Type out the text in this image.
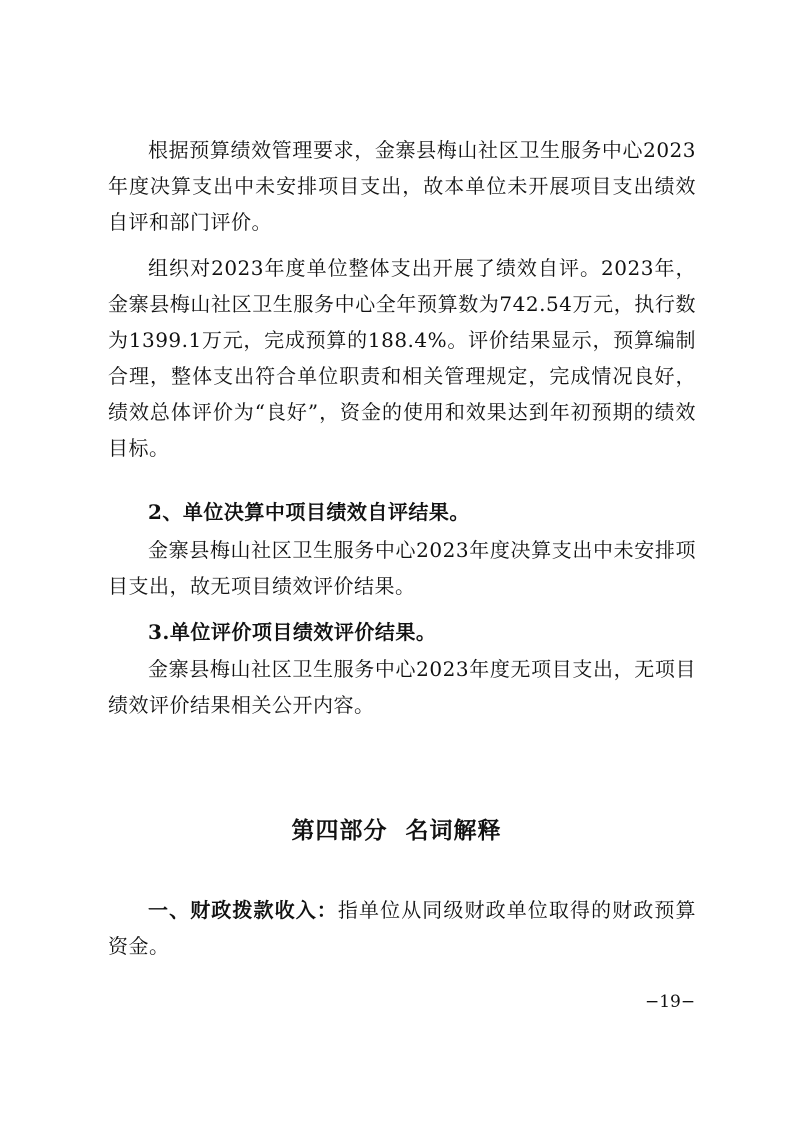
根据预算绩效管理要求，金寨县梅山社区卫生服务中心2023年度决算支出中未安排项目支出，故本单位未开展项目支出绩效自评和部门评价。

组织对2023年度单位整体支出开展了绩效自评。2023年，金寨县梅山社区卫生服务中心全年预算数为742.54万元，执行数为1399.1万元，完成预算的188.4%。评价结果显示，预算编制合理，整体支出符合单位职责和相关管理规定，完成情况良好，绩效总体评价为“良好”，资金的使用和效果达到年初预期的绩效目标。

2、单位决算中项目绩效自评结果。

金寨县梅山社区卫生服务中心2023年度决算支出中未安排项目支出，故无项目绩效评价结果。

3.单位评价项目绩效评价结果。

金寨县梅山社区卫生服务中心2023年度无项目支出，无项目绩效评价结果相关公开内容。

第四部分  名词解释

一、财政拨款收入：指单位从同级财政单位取得的财政预算资金。

−19−
